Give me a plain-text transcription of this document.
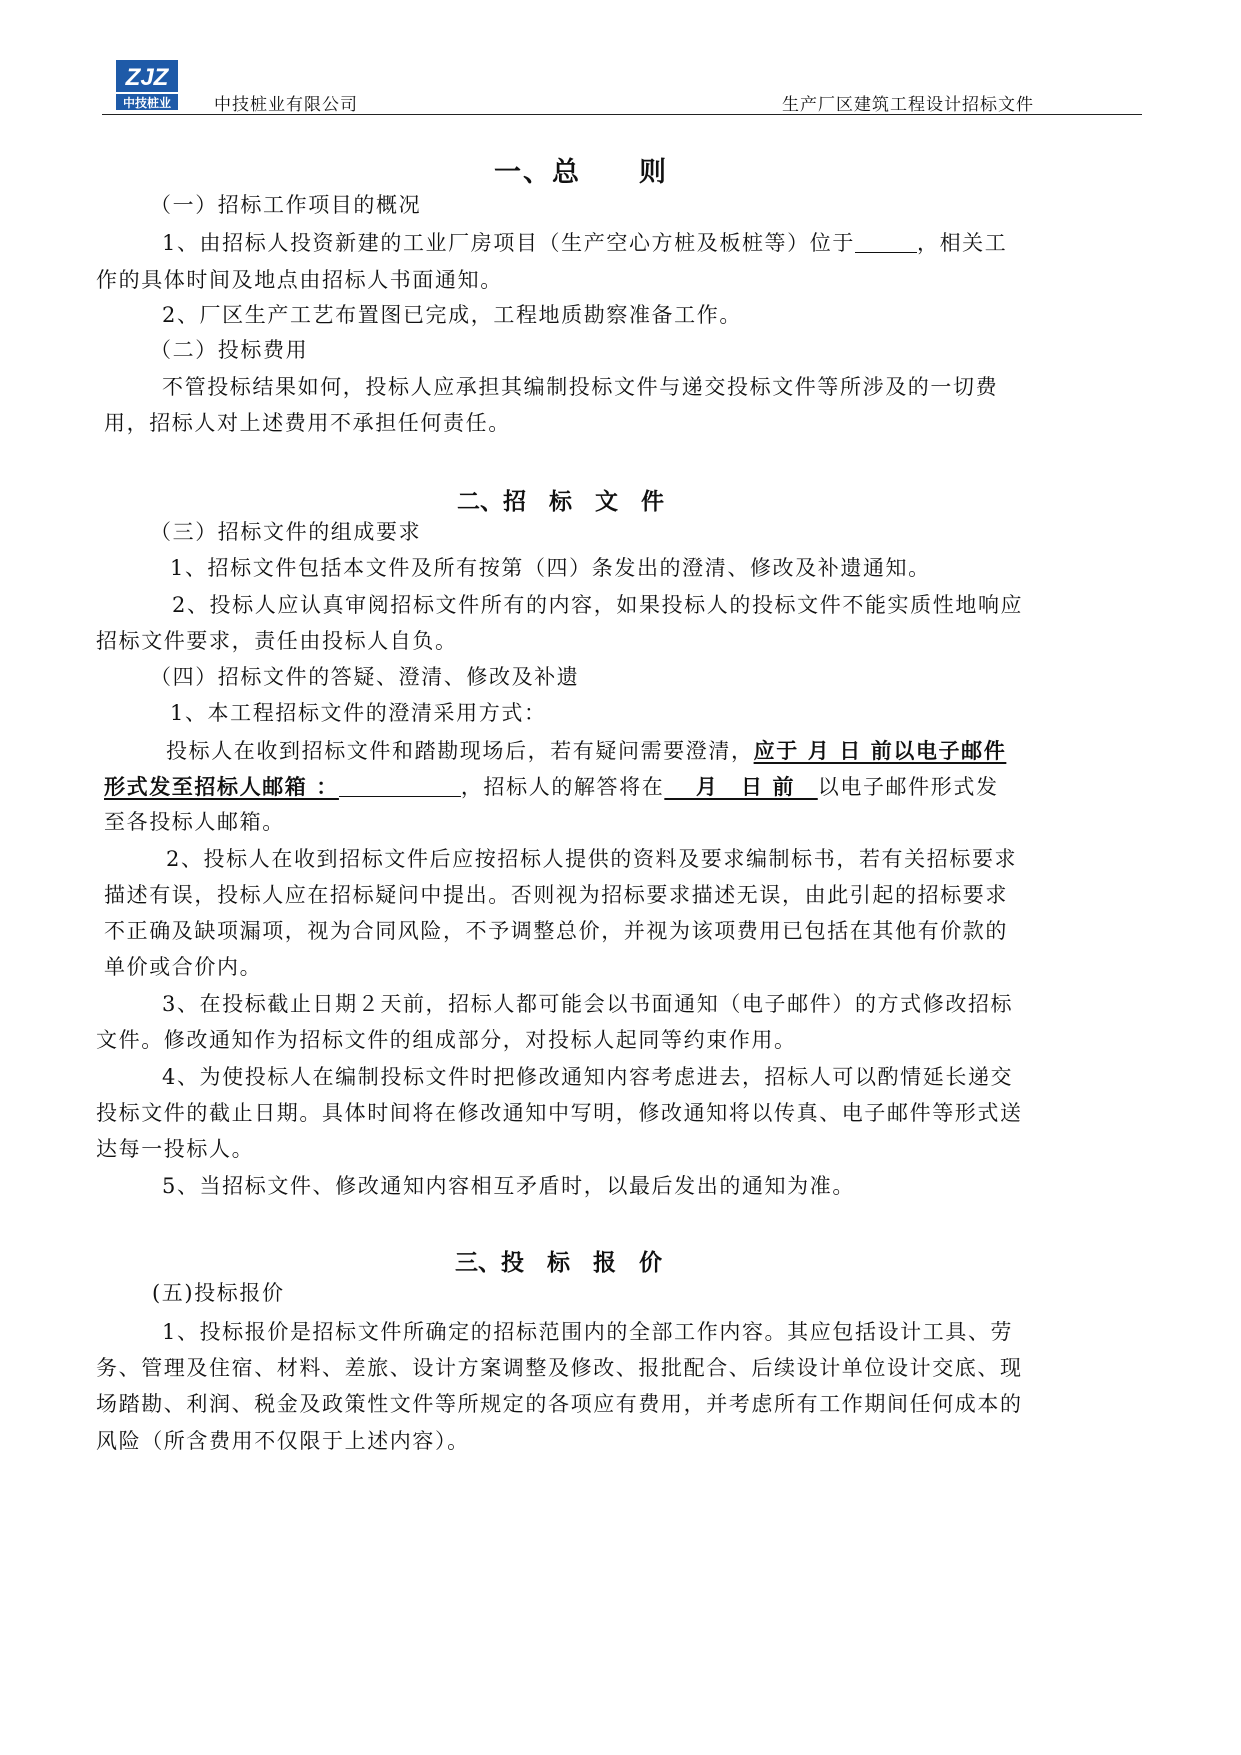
ZJZ
中技桩业	中技桩业有限公司	生产厂区建筑工程设计招标文件
一、总　　则
（一）招标工作项目的概况
1、由招标人投资新建的工业厂房项目（生产空心方桩及板桩等）位于	，相关工
作的具体时间及地点由招标人书面通知。
2、厂区生产工艺布置图已完成，工程地质勘察准备工作。
（二）投标费用
不管投标结果如何，投标人应承担其编制投标文件与递交投标文件等所涉及的一切费
用，招标人对上述费用不承担任何责任。
二、招　标　文　件
（三）招标文件的组成要求
1、招标文件包括本文件及所有按第（四）条发出的澄清、修改及补遗通知。
2、投标人应认真审阅招标文件所有的内容，如果投标人的投标文件不能实质性地响应
招标文件要求，责任由投标人自负。
（四）招标文件的答疑、澄清、修改及补遗
1、本工程招标文件的澄清采用方式：
投标人在收到招标文件和踏勘现场后，若有疑问需要澄清，应于 月 日 前以电子邮件
形式发至招标人邮箱 ：	，招标人的解答将在　 月　日 前　以电子邮件形式发
至各投标人邮箱。
2、投标人在收到招标文件后应按招标人提供的资料及要求编制标书，若有关招标要求
描述有误，投标人应在招标疑问中提出。否则视为招标要求描述无误，由此引起的招标要求
不正确及缺项漏项，视为合同风险，不予调整总价，并视为该项费用已包括在其他有价款的
单价或合价内。
3、在投标截止日期２天前，招标人都可能会以书面通知（电子邮件）的方式修改招标
文件。修改通知作为招标文件的组成部分，对投标人起同等约束作用。
4、为使投标人在编制投标文件时把修改通知内容考虑进去，招标人可以酌情延长递交
投标文件的截止日期。具体时间将在修改通知中写明，修改通知将以传真、电子邮件等形式送
达每一投标人。
5、当招标文件、修改通知内容相互矛盾时，以最后发出的通知为准。
三、投　标　报　价
(五)投标报价
1、投标报价是招标文件所确定的招标范围内的全部工作内容。其应包括设计工具、劳
务、管理及住宿、材料、差旅、设计方案调整及修改、报批配合、后续设计单位设计交底、现
场踏勘、利润、税金及政策性文件等所规定的各项应有费用，并考虑所有工作期间任何成本的
风险（所含费用不仅限于上述内容）。
